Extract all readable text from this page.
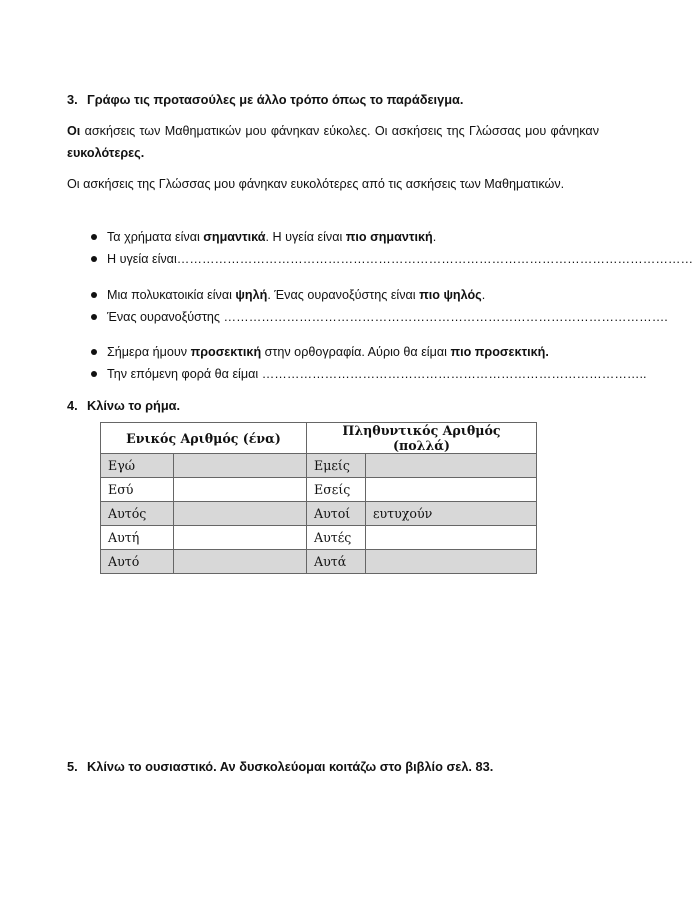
3. Γράφω τις προτασούλες με άλλο τρόπο όπως το παράδειγμα.
Οι ασκήσεις των Μαθηματικών μου φάνηκαν εύκολες. Οι ασκήσεις της Γλώσσας μου φάνηκαν ευκολότερες.
Οι ασκήσεις της Γλώσσας μου φάνηκαν ευκολότερες από τις ασκήσεις των Μαθηματικών.
Τα χρήματα είναι σημαντικά. Η υγεία είναι πιο σημαντική.
Η υγεία είναι……………………………………………………………………………………………………………
Μια πολυκατοικία είναι ψηλή. Ένας ουρανοξύστης είναι πιο ψηλός.
Ένας ουρανοξύστης …………………………………………………………………………………………….
Σήμερα ήμουν προσεκτική στην ορθογραφία. Αύριο θα είμαι πιο προσεκτική.
Την επόμενη φορά θα είμαι ………………………………………………………………………………..
4. Κλίνω το ρήμα.
Ενικός Αριθμός (ένα)		Πληθυντικός Αριθμός (πολλά)	
Εγώ		Εμείς	
Εσύ		Εσείς	
Αυτός		Αυτοί	ευτυχούν
Αυτή		Αυτές	
Αυτό		Αυτά	
5. Κλίνω το ουσιαστικό. Αν δυσκολεύομαι κοιτάζω στο βιβλίο σελ. 83.
